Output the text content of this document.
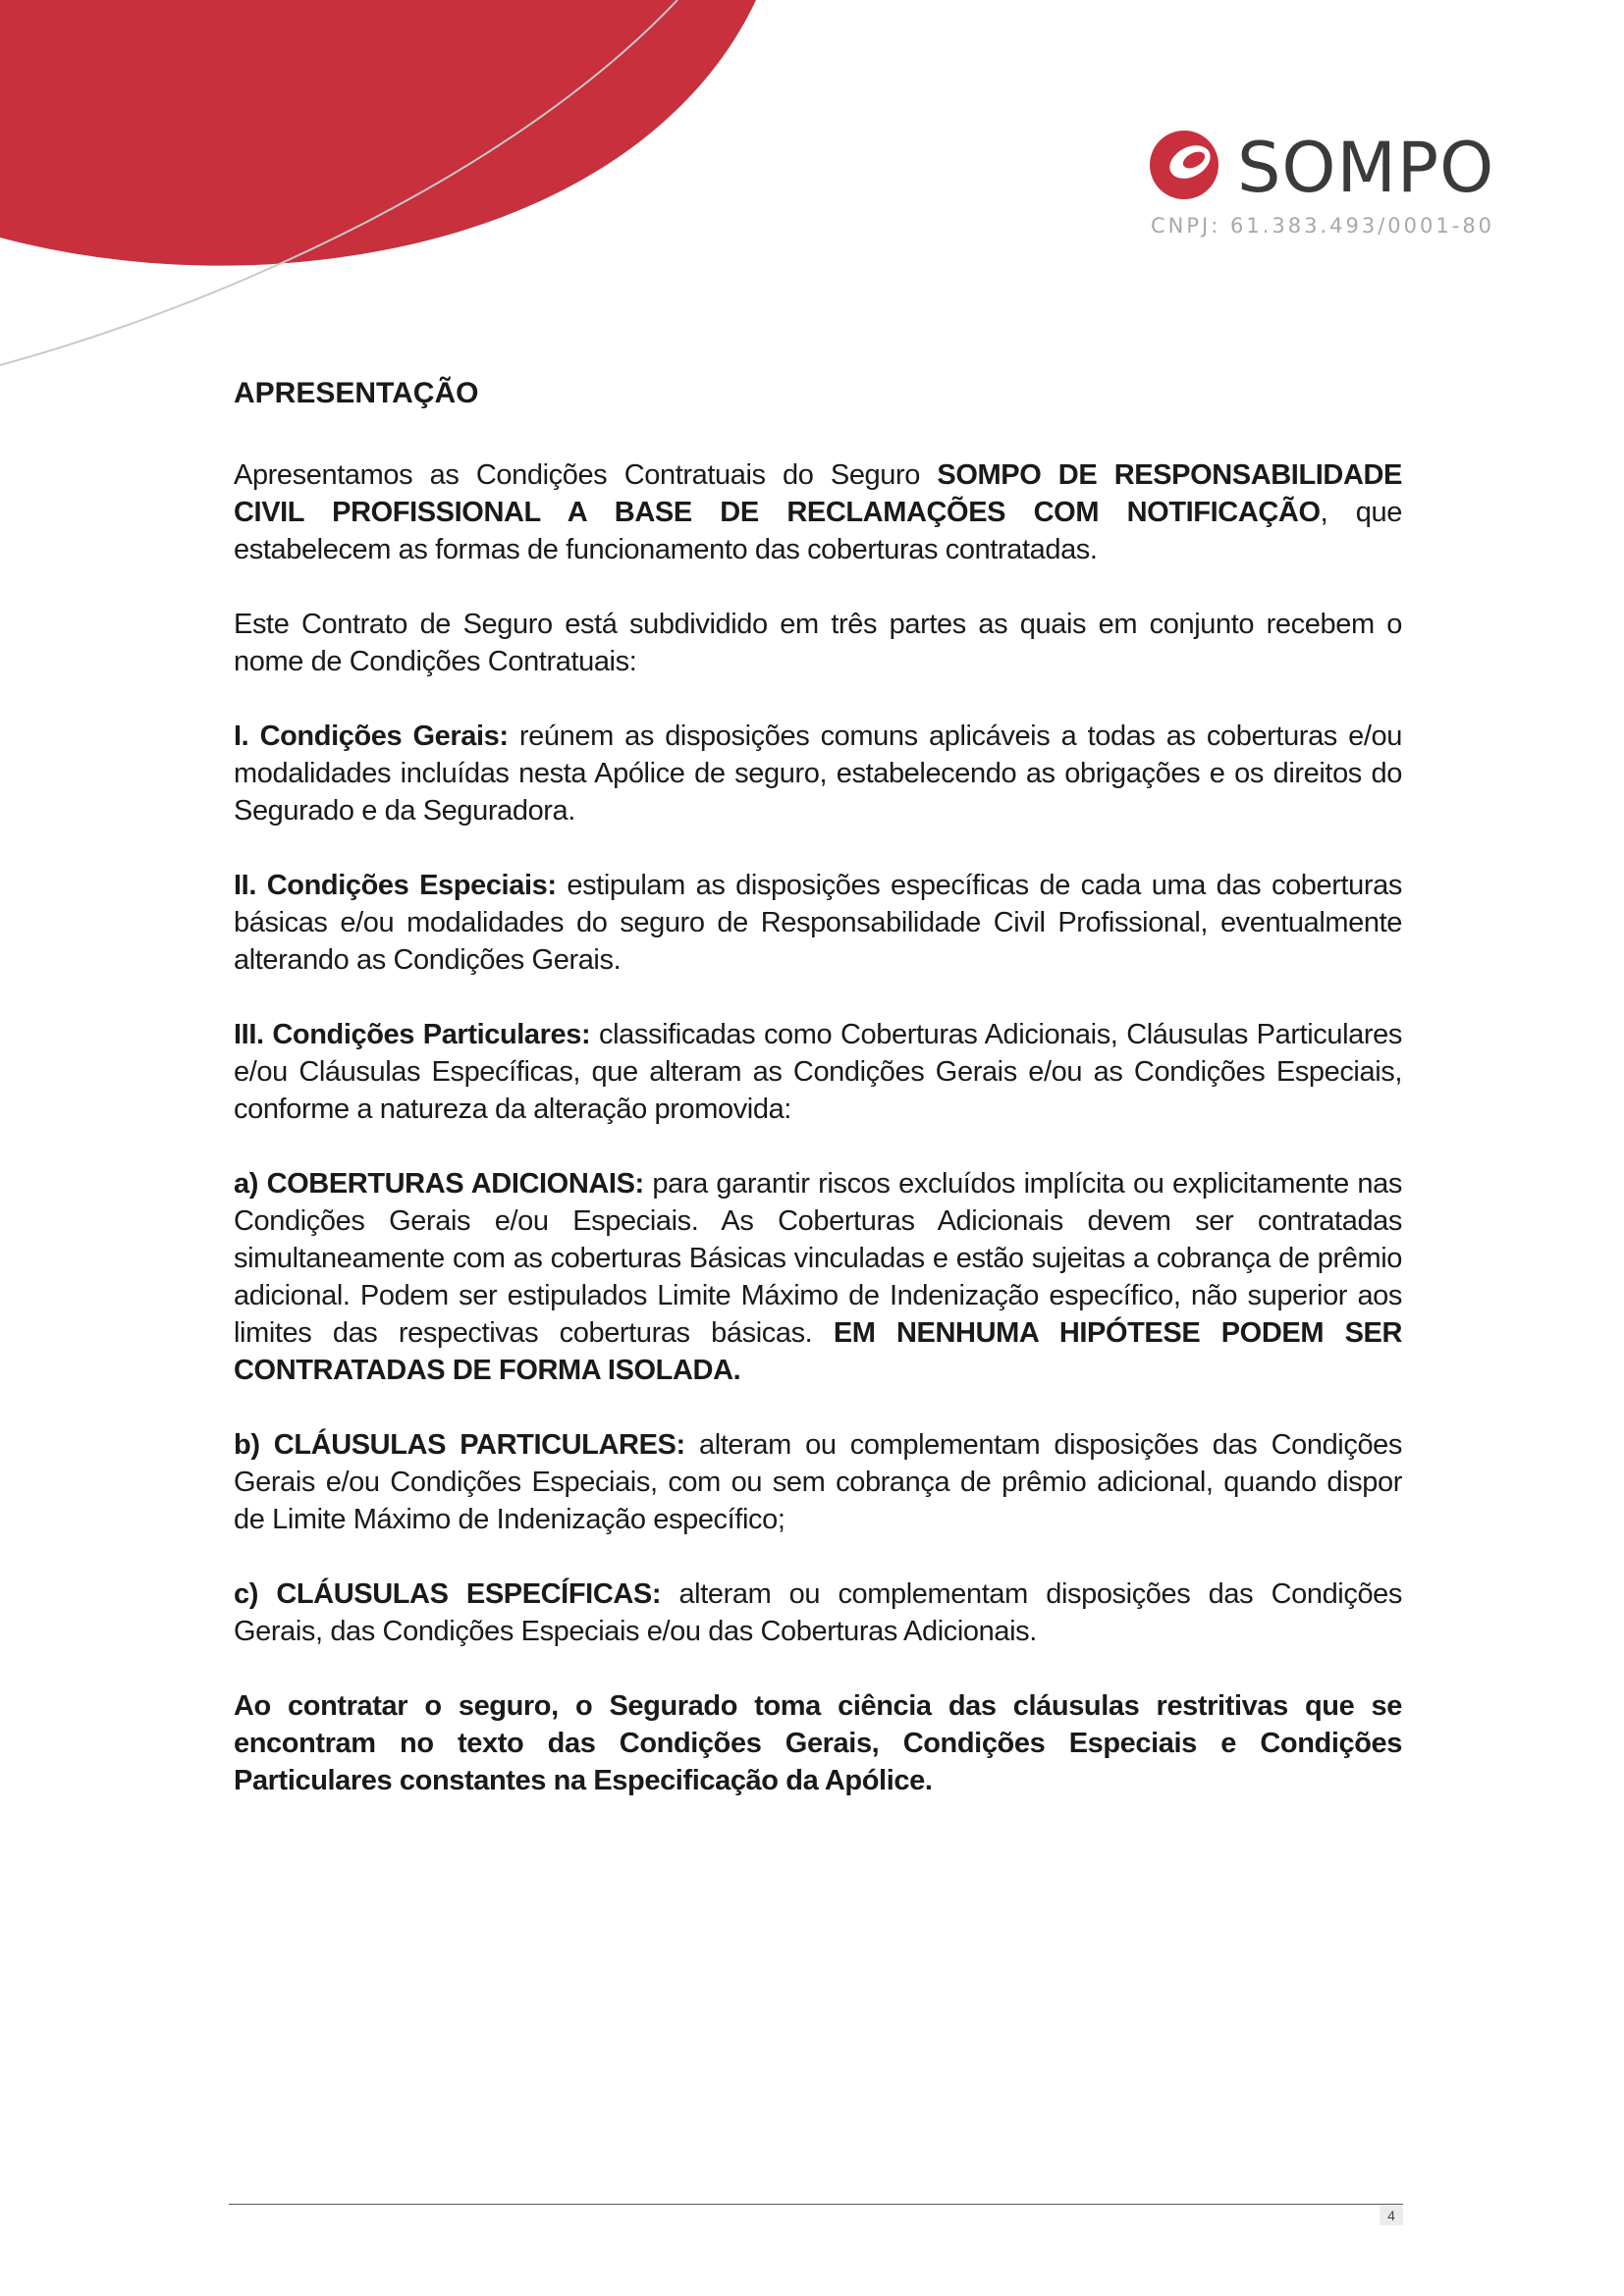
SOMPO
CNPJ: 61.383.493/0001-80

APRESENTAÇÃO

Apresentamos as Condições Contratuais do Seguro SOMPO DE RESPONSABILIDADE CIVIL PROFISSIONAL A BASE DE RECLAMAÇÕES COM NOTIFICAÇÃO, que estabelecem as formas de funcionamento das coberturas contratadas.

Este Contrato de Seguro está subdividido em três partes as quais em conjunto recebem o nome de Condições Contratuais:

I. Condições Gerais: reúnem as disposições comuns aplicáveis a todas as coberturas e/ou modalidades incluídas nesta Apólice de seguro, estabelecendo as obrigações e os direitos do Segurado e da Seguradora.

II. Condições Especiais: estipulam as disposições específicas de cada uma das coberturas básicas e/ou modalidades do seguro de Responsabilidade Civil Profissional, eventualmente alterando as Condições Gerais.

III. Condições Particulares: classificadas como Coberturas Adicionais, Cláusulas Particulares e/ou Cláusulas Específicas, que alteram as Condições Gerais e/ou as Condições Especiais, conforme a natureza da alteração promovida:

a) COBERTURAS ADICIONAIS: para garantir riscos excluídos implícita ou explicitamente nas Condições Gerais e/ou Especiais. As Coberturas Adicionais devem ser contratadas simultaneamente com as coberturas Básicas vinculadas e estão sujeitas a cobrança de prêmio adicional. Podem ser estipulados Limite Máximo de Indenização específico, não superior aos limites das respectivas coberturas básicas. EM NENHUMA HIPÓTESE PODEM SER CONTRATADAS DE FORMA ISOLADA.

b) CLÁUSULAS PARTICULARES: alteram ou complementam disposições das Condições Gerais e/ou Condições Especiais, com ou sem cobrança de prêmio adicional, quando dispor de Limite Máximo de Indenização específico;

c) CLÁUSULAS ESPECÍFICAS: alteram ou complementam disposições das Condições Gerais, das Condições Especiais e/ou das Coberturas Adicionais.

Ao contratar o seguro, o Segurado toma ciência das cláusulas restritivas que se encontram no texto das Condições Gerais, Condições Especiais e Condições Particulares constantes na Especificação da Apólice.

4
